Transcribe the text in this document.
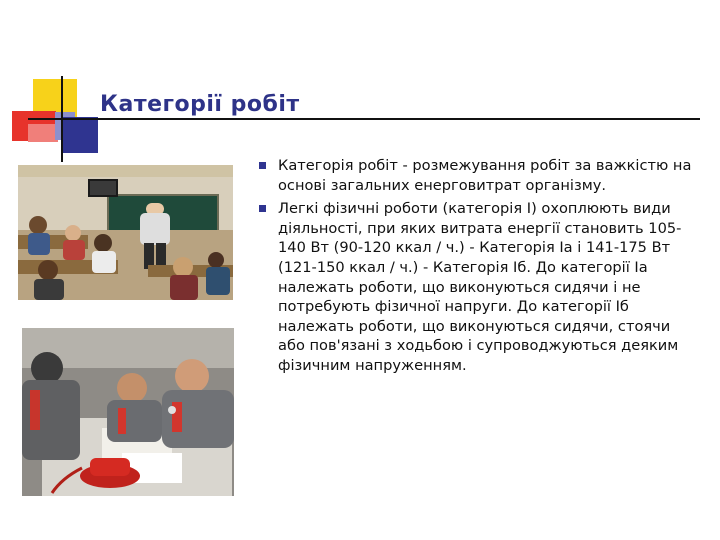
Категорії робіт
Категорія робіт - розмежування робіт за важкістю на основі загальних енерговитрат організму.
Легкі фізичні роботи (категорія I) охоплюють види діяльності, при яких витрата енергії становить 105-140 Вт (90-120 ккал / ч.) - Категорія Iа і 141-175 Вт (121-150 ккал / ч.) - Категорія Iб. До категорії Iа належать роботи, що виконуються сидячи і не потребують фізичної напруги. До категорії Iб належать роботи, що виконуються сидячи, стоячи або пов'язані з ходьбою і супроводжуються деяким фізичним напруженням.
